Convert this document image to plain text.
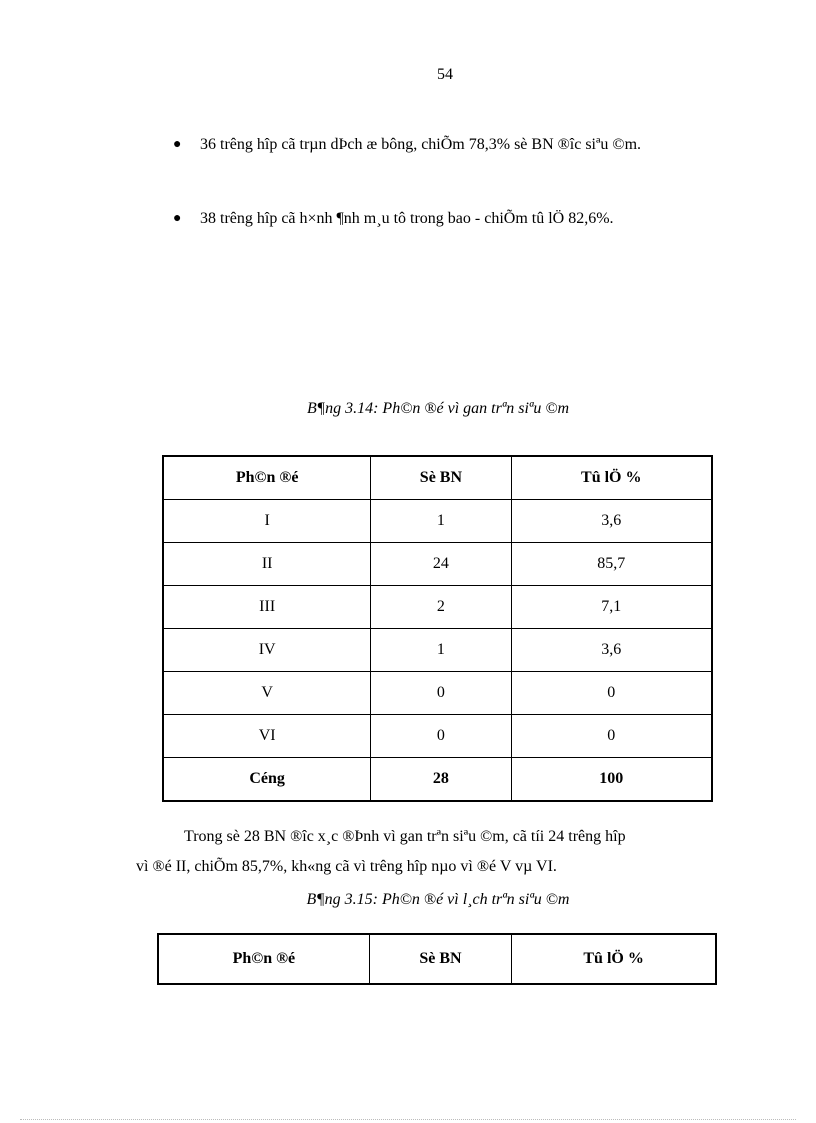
54
●	36 trêng hîp cã trµn dÞch æ bông, chiÕm 78,3% sè BN ®îc siªu ©m.
●	38 trêng hîp cã h×nh ¶nh m¸u tô trong bao - chiÕm tû lÖ 82,6%.
B¶ng 3.14: Ph©n ®é vì gan trªn siªu ©m
Ph©n ®é	Sè BN	Tû lÖ %
I	1	3,6
II	24	85,7
III	2	7,1
IV	1	3,6
V	0	0
VI	0	0
Céng	28	100
Trong sè 28 BN ®îc x¸c ®Þnh vì gan trªn siªu ©m, cã tíi 24 trêng hîp
vì ®é II, chiÕm 85,7%, kh«ng cã vì trêng hîp nµo vì ®é V vµ VI.
B¶ng 3.15: Ph©n ®é vì l¸ch trªn siªu ©m
Ph©n ®é	Sè BN	Tû lÖ %
